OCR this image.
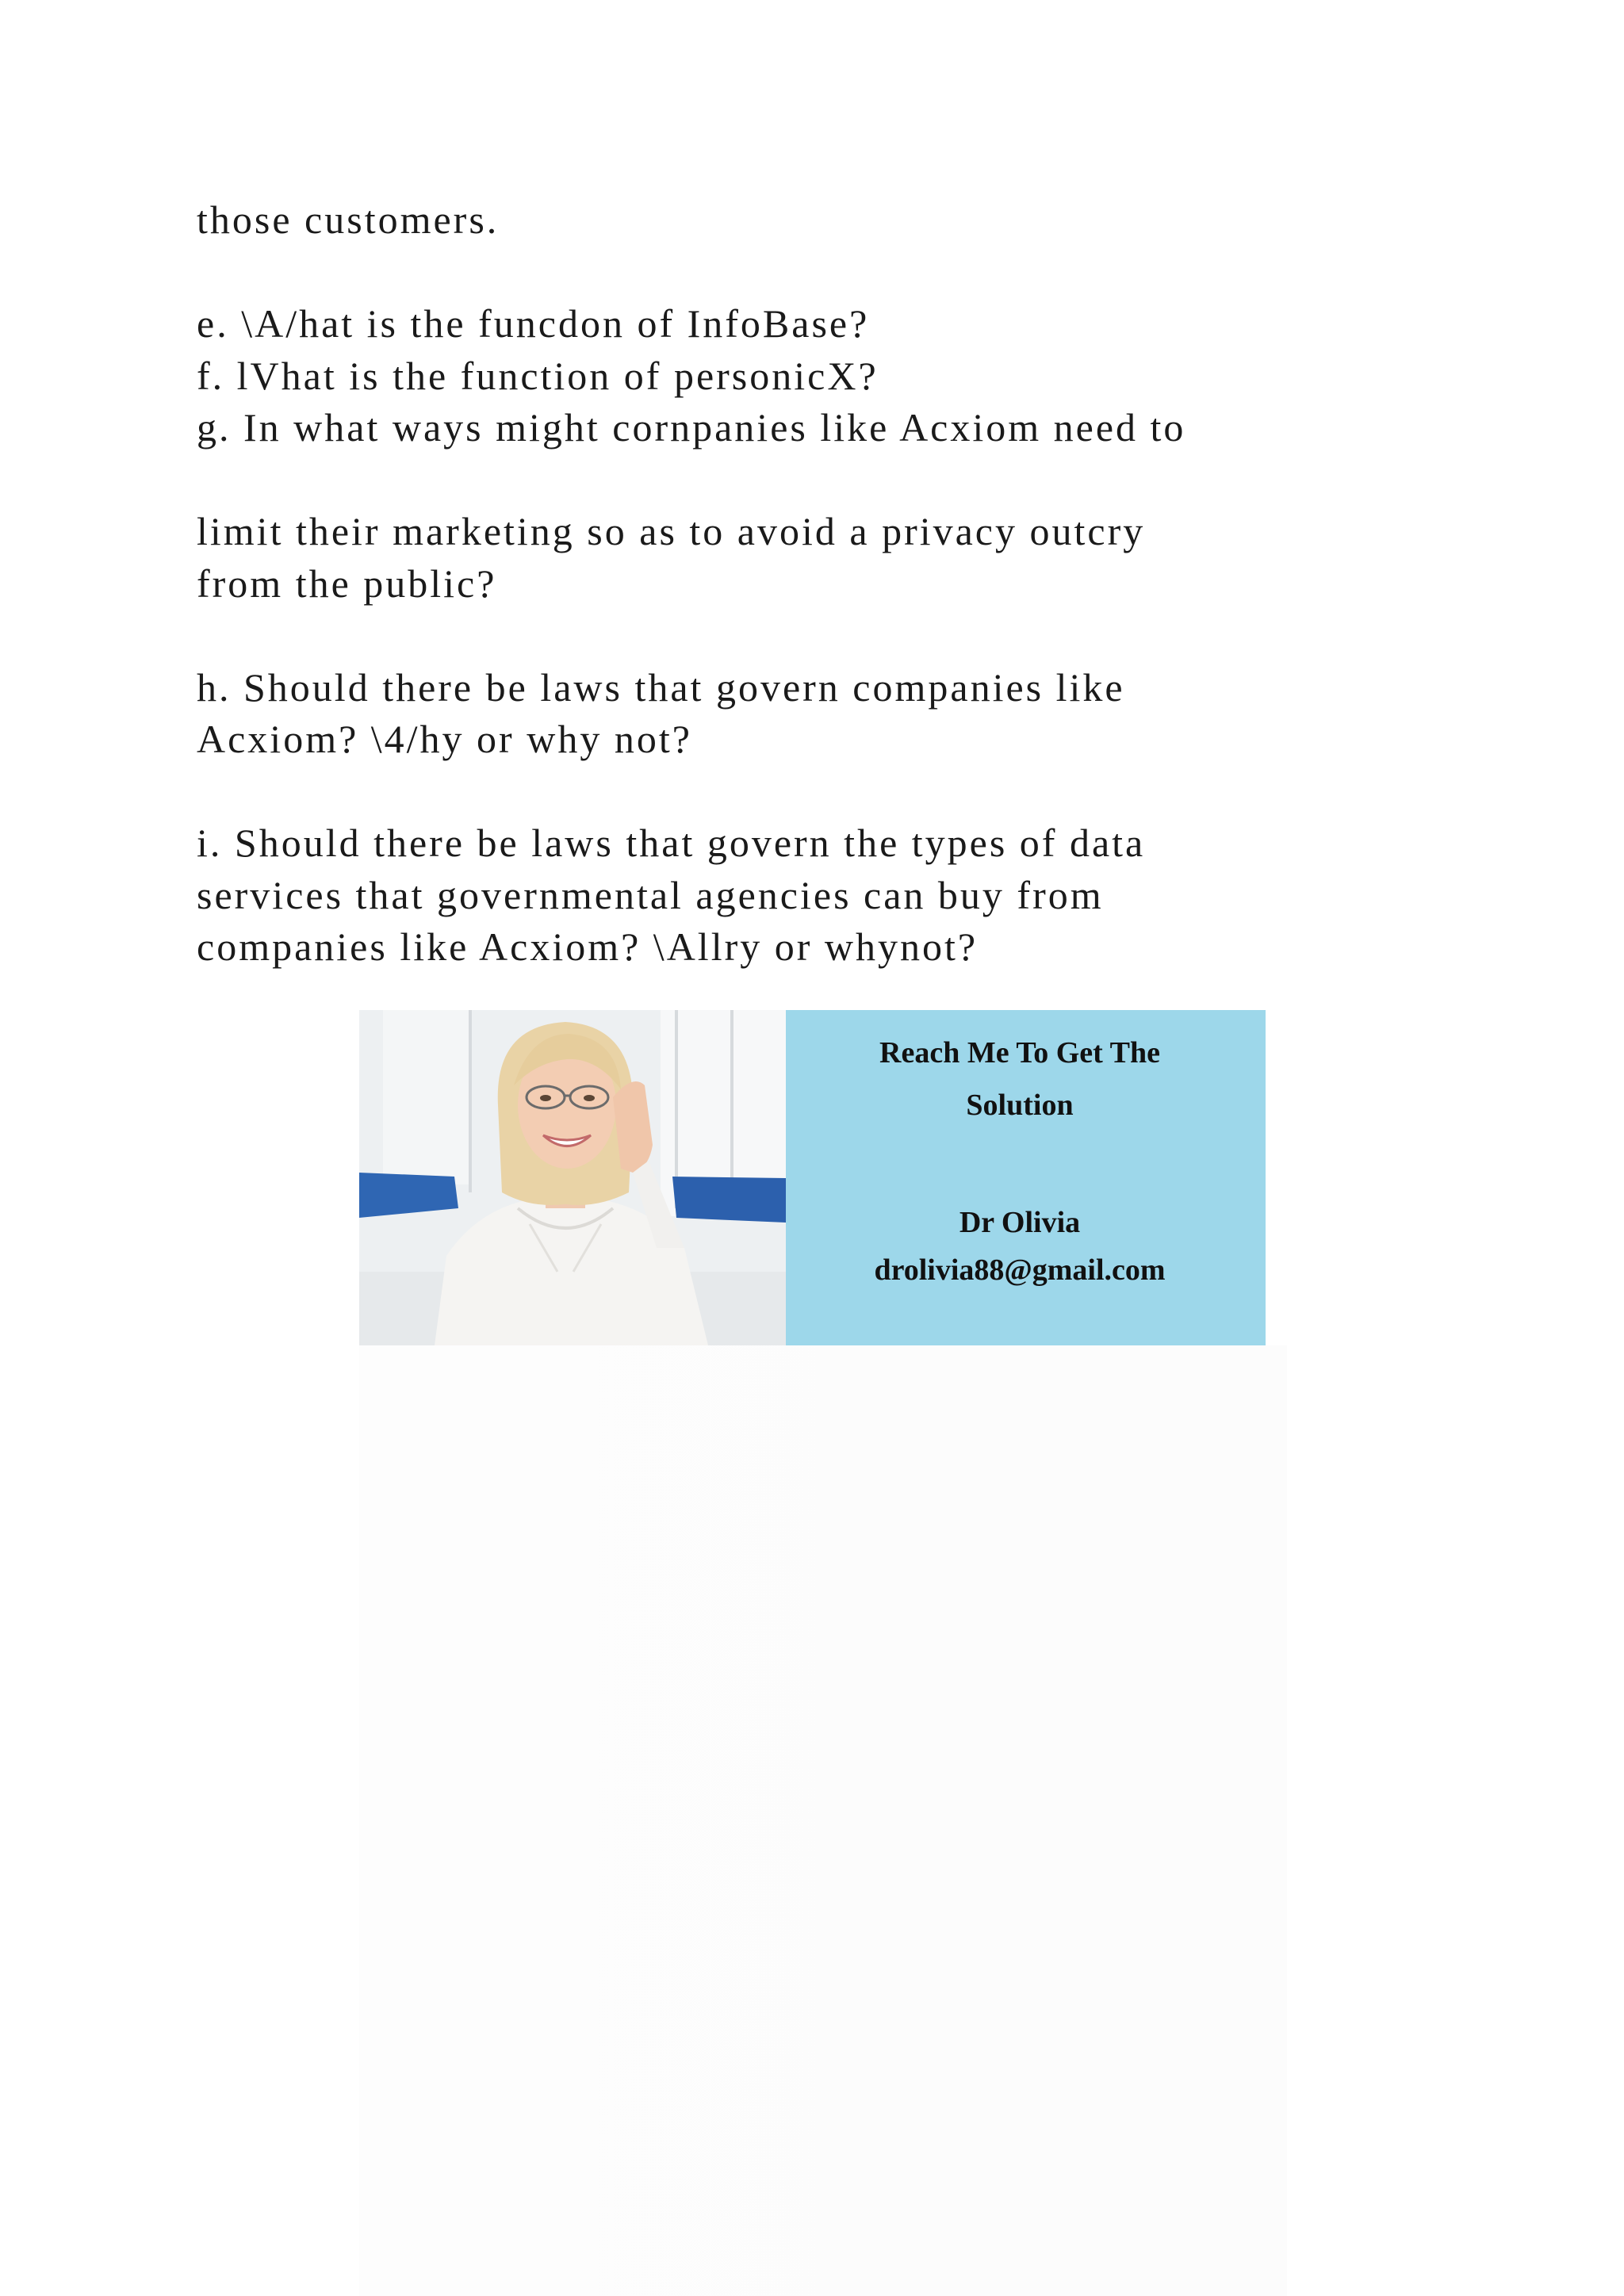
those customers.
e. \A/hat is the funcdon of InfoBase?
f. lVhat is the function of personicX?
g. In what ways might cornpanies like Acxiom need to
limit their marketing so as to avoid a privacy outcry
from the public?
h. Should there be laws that govern companies like
Acxiom? \4/hy or why not?
i. Should there be laws that govern the types of data
services that governmental agencies can buy from
companies like Acxiom? \Allry or whynot?
Reach Me To Get The
Solution
Dr Olivia
drolivia88@gmail.com
